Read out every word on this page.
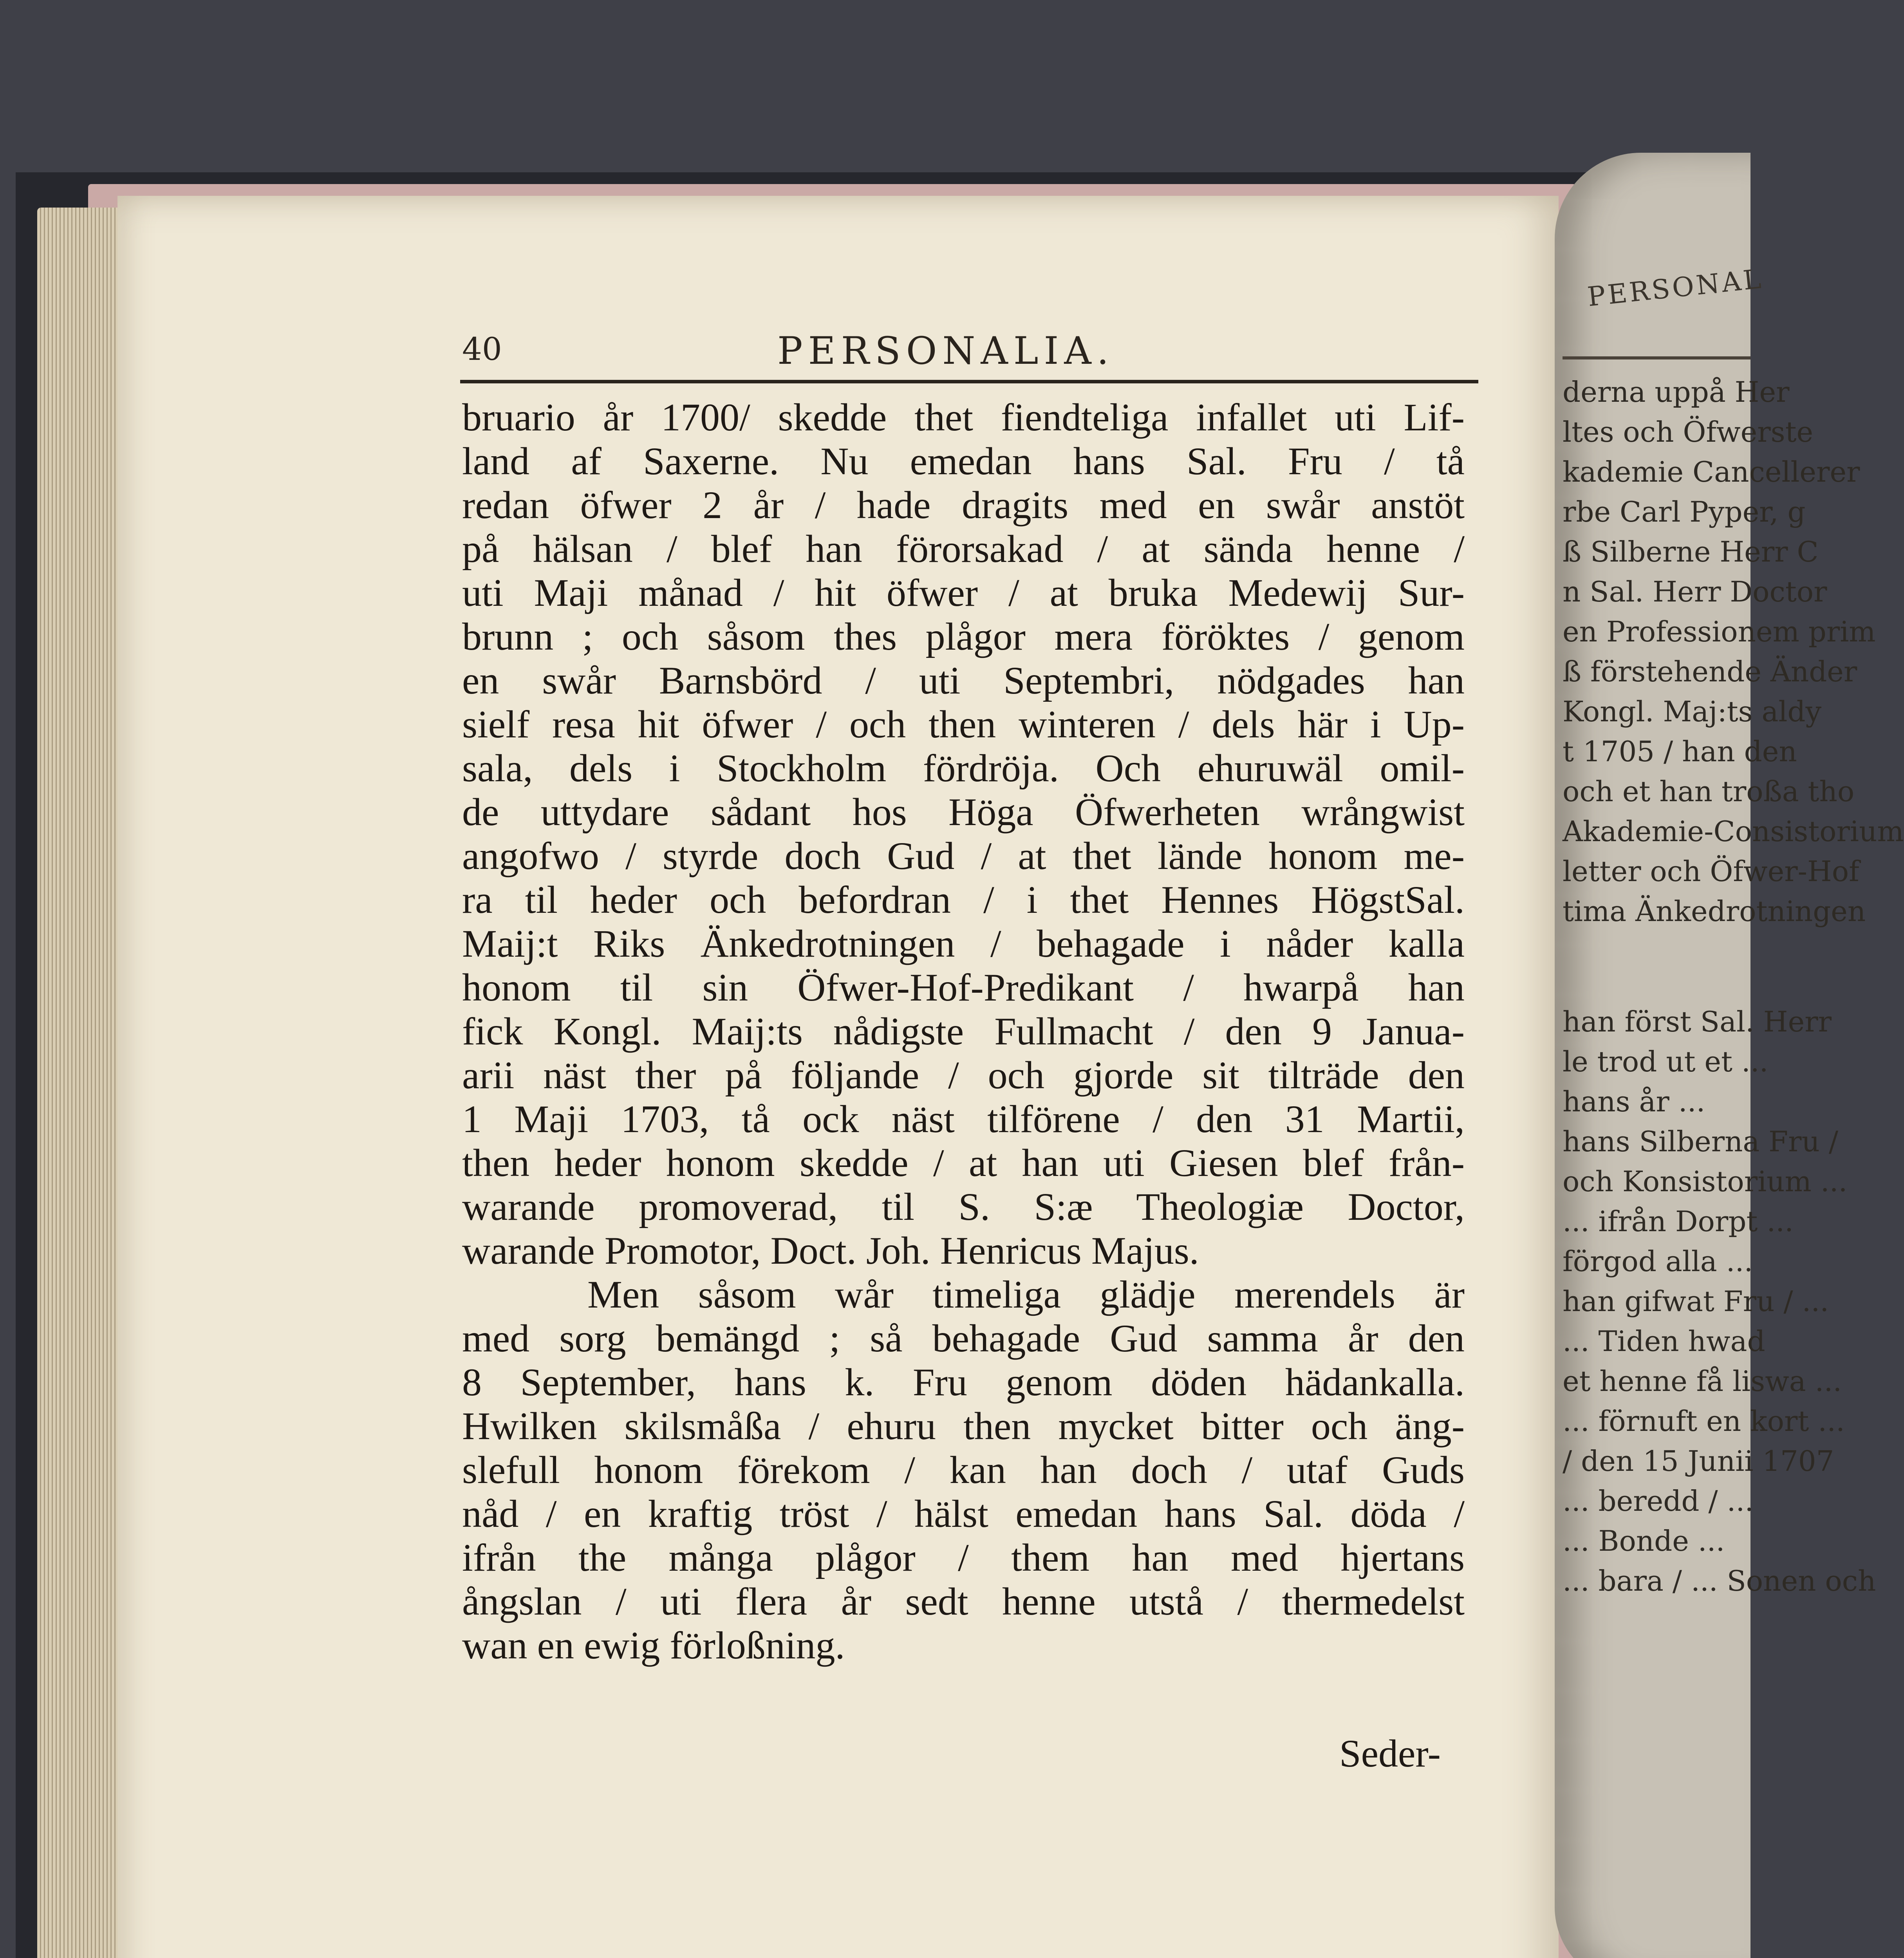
40	PERSONALIA.
bruario år 1700/ skedde thet fiendteliga infallet uti Lif-
land af Saxerne. Nu emedan hans Sal. Fru / tå
redan öfwer 2 år / hade dragits med en swår anstöt
på hälsan / blef han förorsakad / at sända henne /
uti Maji månad / hit öfwer / at bruka Medewij Sur-
brunn ; och såsom thes plågor mera föröktes / genom
en swår Barnsbörd / uti Septembri, nödgades han
sielf resa hit öfwer / och then winteren / dels här i Up-
sala, dels i Stockholm fördröja. Och ehuruwäl omil-
de uttydare sådant hos Höga Öfwerheten wrångwist
angofwo / styrde doch Gud / at thet lände honom me-
ra til heder och befordran / i thet Hennes HögstSal.
Maij:t Riks Änkedrotningen / behagade i nåder kalla
honom til sin Öfwer-Hof-Predikant / hwarpå han
fick Kongl. Maij:ts nådigste Fullmacht / den 9 Janua-
arii näst ther på följande / och gjorde sit tilträde den
1 Maji 1703, tå ock näst tilförene / den 31 Martii,
then heder honom skedde / at han uti Giesen blef från-
warande promoverad, til S. S:æ Theologiæ Doctor,
warande Promotor, Doct. Joh. Henricus Majus.
Men såsom wår timeliga glädje merendels är
med sorg bemängd ; så behagade Gud samma år den
8 September, hans k. Fru genom döden hädankalla.
Hwilken skilsmåßa / ehuru then mycket bitter och äng-
slefull honom förekom / kan han doch / utaf Guds
nåd / en kraftig tröst / hälst emedan hans Sal. döda /
ifrån the många plågor / them han med hjertans
ångslan / uti flera år sedt henne utstå / thermedelst
wan en ewig förloßning.
Seder-
PERSONAL
derna uppå Her
ltes och Öfwerste
kademie Cancellerer
rbe Carl Pyper, g
ß Silberne Herr C
n Sal. Herr Doctor
en Professionem prim
ß förstehende Änder
Kongl. Maj:ts aldy
t 1705 / han den
och et han troßa tho
Akademie-Consistorium
letter och Öfwer-Hof
tima Änkedrotningen
han först Sal. Herr
le trod ut et ...
hans år ...
hans Silberna Fru /
och Konsistorium ...
... ifrån Dorpt ...
förgod alla ...
han gifwat Fru / ...
... Tiden hwad
et henne få liswa ...
... förnuft en kort ...
/ den 15 Junii 1707
... beredd / ...
... Bonde ...
... bara / ... Sonen och
